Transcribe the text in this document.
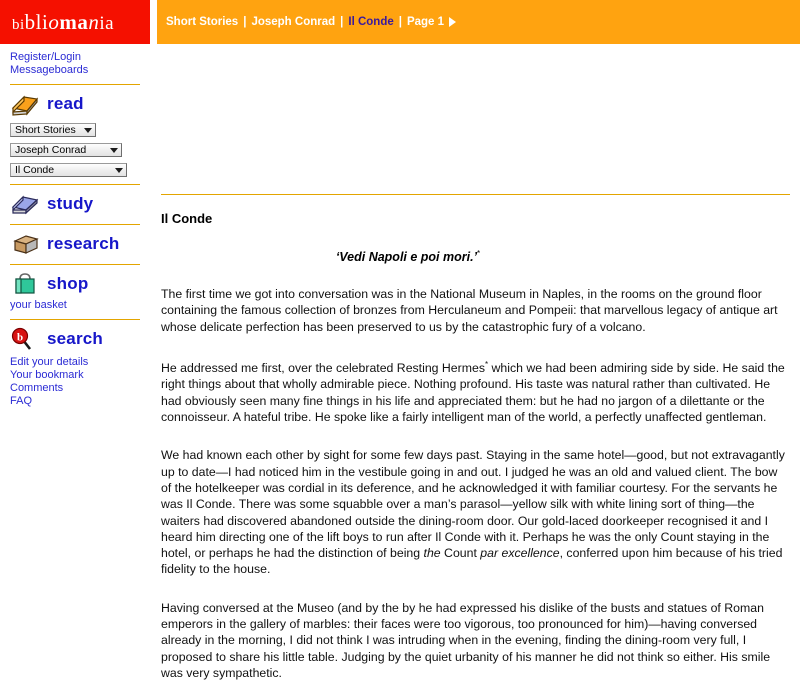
bibliomania	Short Stories | Joseph Conrad | Il Conde | Page 1
Register/Login
Messageboards
read
Short Stories
Joseph Conrad
Il Conde
study
research
shop
your basket
b search
Edit your details
Your bookmark
Comments
FAQ
Il Conde
‘Vedi Napoli e poi mori.’*

The first time we got into conversation was in the National Museum in Naples, in the rooms on the ground floor containing the famous collection of bronzes from Herculaneum and Pompeii: that marvellous legacy of antique art whose delicate perfection has been preserved to us by the catastrophic fury of a volcano.

He addressed me first, over the celebrated Resting Hermes* which we had been admiring side by side. He said the right things about that wholly admirable piece. Nothing profound. His taste was natural rather than cultivated. He had obviously seen many fine things in his life and appreciated them: but he had no jargon of a dilettante or the connoisseur. A hateful tribe. He spoke like a fairly intelligent man of the world, a perfectly unaffected gentleman.

We had known each other by sight for some few days past. Staying in the same hotel—good, but not extravagantly up to date—I had noticed him in the vestibule going in and out. I judged he was an old and valued client. The bow of the hotelkeeper was cordial in its deference, and he acknowledged it with familiar courtesy. For the servants he was Il Conde. There was some squabble over a man’s parasol—yellow silk with white lining sort of thing—the waiters had discovered abandoned outside the dining-room door. Our gold-laced doorkeeper recognised it and I heard him directing one of the lift boys to run after Il Conde with it. Perhaps he was the only Count staying in the hotel, or perhaps he had the distinction of being the Count par excellence, conferred upon him because of his tried fidelity to the house.

Having conversed at the Museo (and by the by he had expressed his dislike of the busts and statues of Roman emperors in the gallery of marbles: their faces were too vigorous, too pronounced for him)—having conversed already in the morning, I did not think I was intruding when in the evening, finding the dining-room very full, I proposed to share his little table. Judging by the quiet urbanity of his manner he did not think so either. His smile was very sympathetic.
